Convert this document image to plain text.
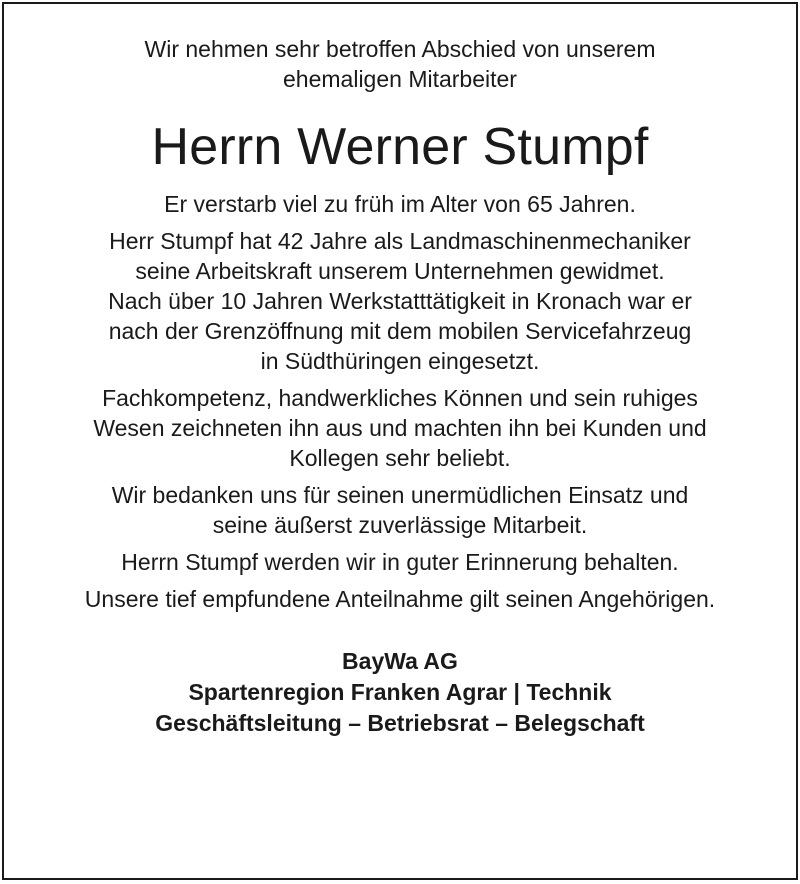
Wir nehmen sehr betroffen Abschied von unserem
ehemaligen Mitarbeiter
Herrn Werner Stumpf
Er verstarb viel zu früh im Alter von 65 Jahren.
Herr Stumpf hat 42 Jahre als Landmaschinenmechaniker
seine Arbeitskraft unserem Unternehmen gewidmet.
Nach über 10 Jahren Werkstatttätigkeit in Kronach war er
nach der Grenzöffnung mit dem mobilen Servicefahrzeug
in Südthüringen eingesetzt.
Fachkompetenz, handwerkliches Können und sein ruhiges
Wesen zeichneten ihn aus und machten ihn bei Kunden und
Kollegen sehr beliebt.
Wir bedanken uns für seinen unermüdlichen Einsatz und
seine äußerst zuverlässige Mitarbeit.
Herrn Stumpf werden wir in guter Erinnerung behalten.
Unsere tief empfundene Anteilnahme gilt seinen Angehörigen.
BayWa AG
Spartenregion Franken Agrar | Technik
Geschäftsleitung – Betriebsrat – Belegschaft
